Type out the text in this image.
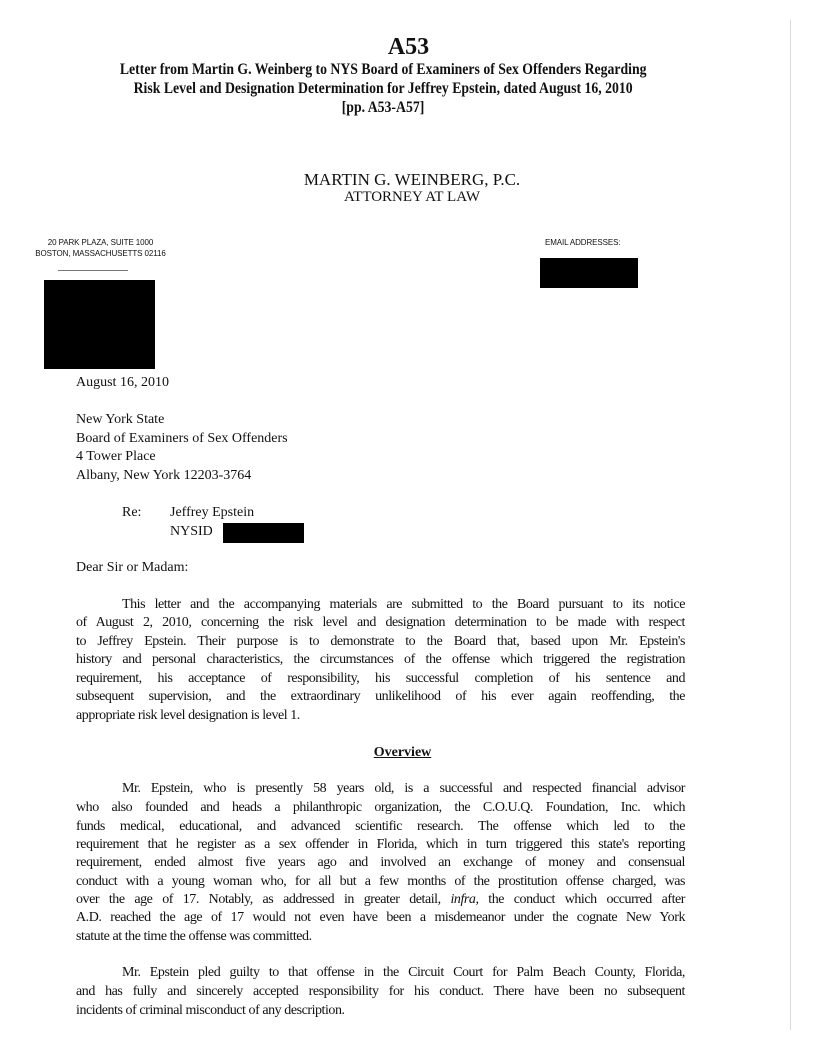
A53
Letter from Martin G. Weinberg to NYS Board of Examiners of Sex Offenders Regarding
Risk Level and Designation Determination for Jeffrey Epstein, dated August 16, 2010
[pp. A53-A57]
MARTIN G. WEINBERG, P.C.
ATTORNEY AT LAW
20 PARK PLAZA, SUITE 1000
BOSTON, MASSACHUSETTS 02116
EMAIL ADDRESSES:
August 16, 2010
New York State
Board of Examiners of Sex Offenders
4 Tower Place
Albany, New York 12203-3764
Re: Jeffrey Epstein
NYSID
Dear Sir or Madam:
This letter and the accompanying materials are submitted to the Board pursuant to its notice
of August 2, 2010, concerning the risk level and designation determination to be made with respect
to Jeffrey Epstein. Their purpose is to demonstrate to the Board that, based upon Mr. Epstein's
history and personal characteristics, the circumstances of the offense which triggered the registration
requirement, his acceptance of responsibility, his successful completion of his sentence and
subsequent supervision, and the extraordinary unlikelihood of his ever again reoffending, the
appropriate risk level designation is level 1.
Overview
Mr. Epstein, who is presently 58 years old, is a successful and respected financial advisor
who also founded and heads a philanthropic organization, the C.O.U.Q. Foundation, Inc. which
funds medical, educational, and advanced scientific research. The offense which led to the
requirement that he register as a sex offender in Florida, which in turn triggered this state's reporting
requirement, ended almost five years ago and involved an exchange of money and consensual
conduct with a young woman who, for all but a few months of the prostitution offense charged, was
over the age of 17. Notably, as addressed in greater detail, infra, the conduct which occurred after
A.D. reached the age of 17 would not even have been a misdemeanor under the cognate New York
statute at the time the offense was committed.
Mr. Epstein pled guilty to that offense in the Circuit Court for Palm Beach County, Florida,
and has fully and sincerely accepted responsibility for his conduct. There have been no subsequent
incidents of criminal misconduct of any description.
